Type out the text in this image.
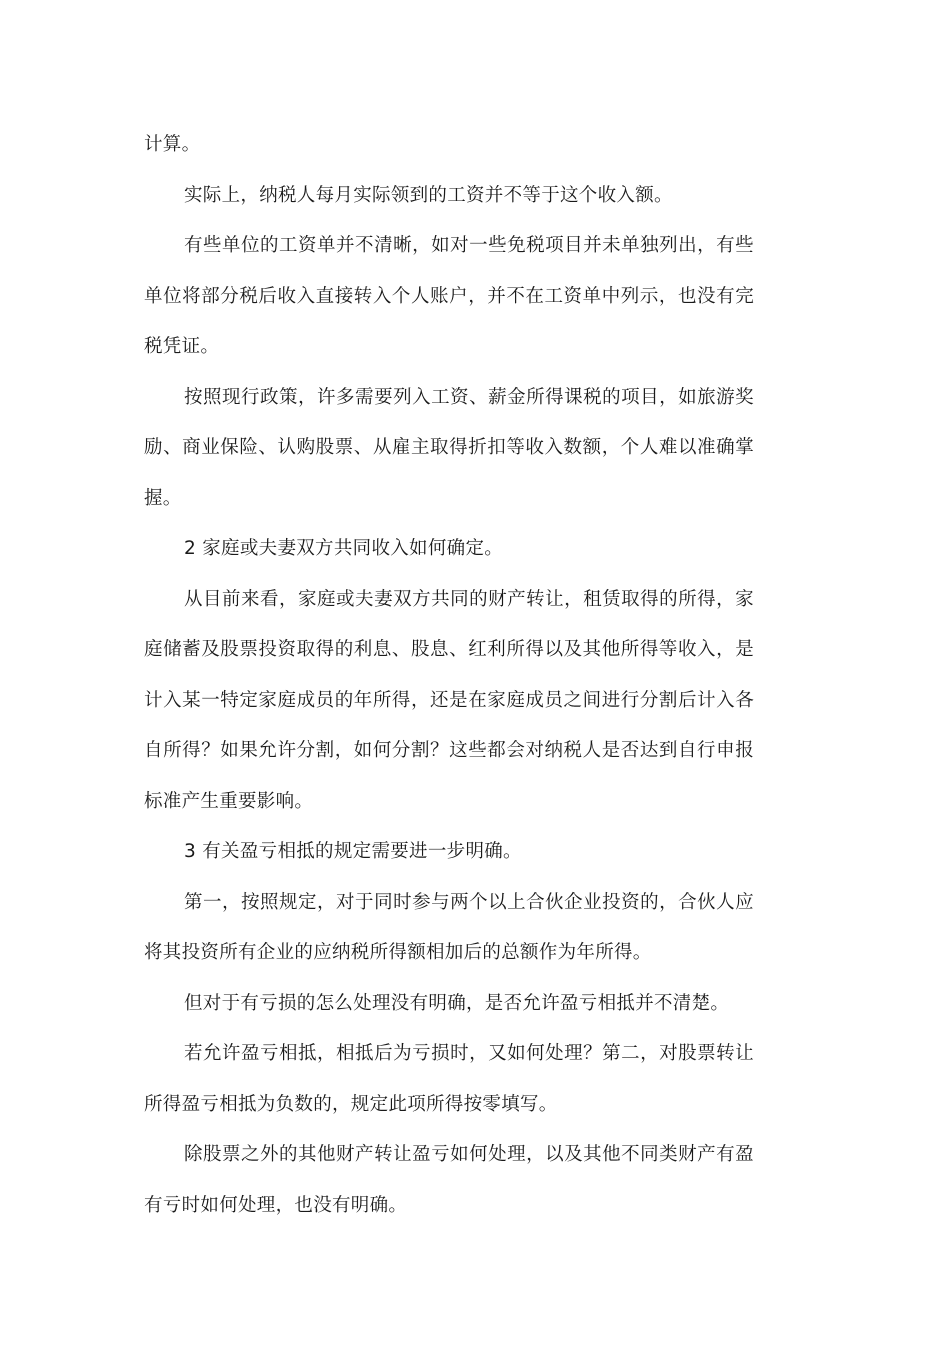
计算。

实际上，纳税人每月实际领到的工资并不等于这个收入额。

有些单位的工资单并不清晰，如对一些免税项目并未单独列出，有些单位将部分税后收入直接转入个人账户，并不在工资单中列示，也没有完税凭证。

按照现行政策，许多需要列入工资、薪金所得课税的项目，如旅游奖励、商业保险、认购股票、从雇主取得折扣等收入数额，个人难以准确掌握。

2 家庭或夫妻双方共同收入如何确定。

从目前来看，家庭或夫妻双方共同的财产转让，租赁取得的所得，家庭储蓄及股票投资取得的利息、股息、红利所得以及其他所得等收入，是计入某一特定家庭成员的年所得，还是在家庭成员之间进行分割后计入各自所得？如果允许分割，如何分割？这些都会对纳税人是否达到自行申报标准产生重要影响。

3 有关盈亏相抵的规定需要进一步明确。

第一，按照规定，对于同时参与两个以上合伙企业投资的，合伙人应将其投资所有企业的应纳税所得额相加后的总额作为年所得。

但对于有亏损的怎么处理没有明确，是否允许盈亏相抵并不清楚。

若允许盈亏相抵，相抵后为亏损时，又如何处理？第二，对股票转让所得盈亏相抵为负数的，规定此项所得按零填写。

除股票之外的其他财产转让盈亏如何处理，以及其他不同类财产有盈有亏时如何处理，也没有明确。
